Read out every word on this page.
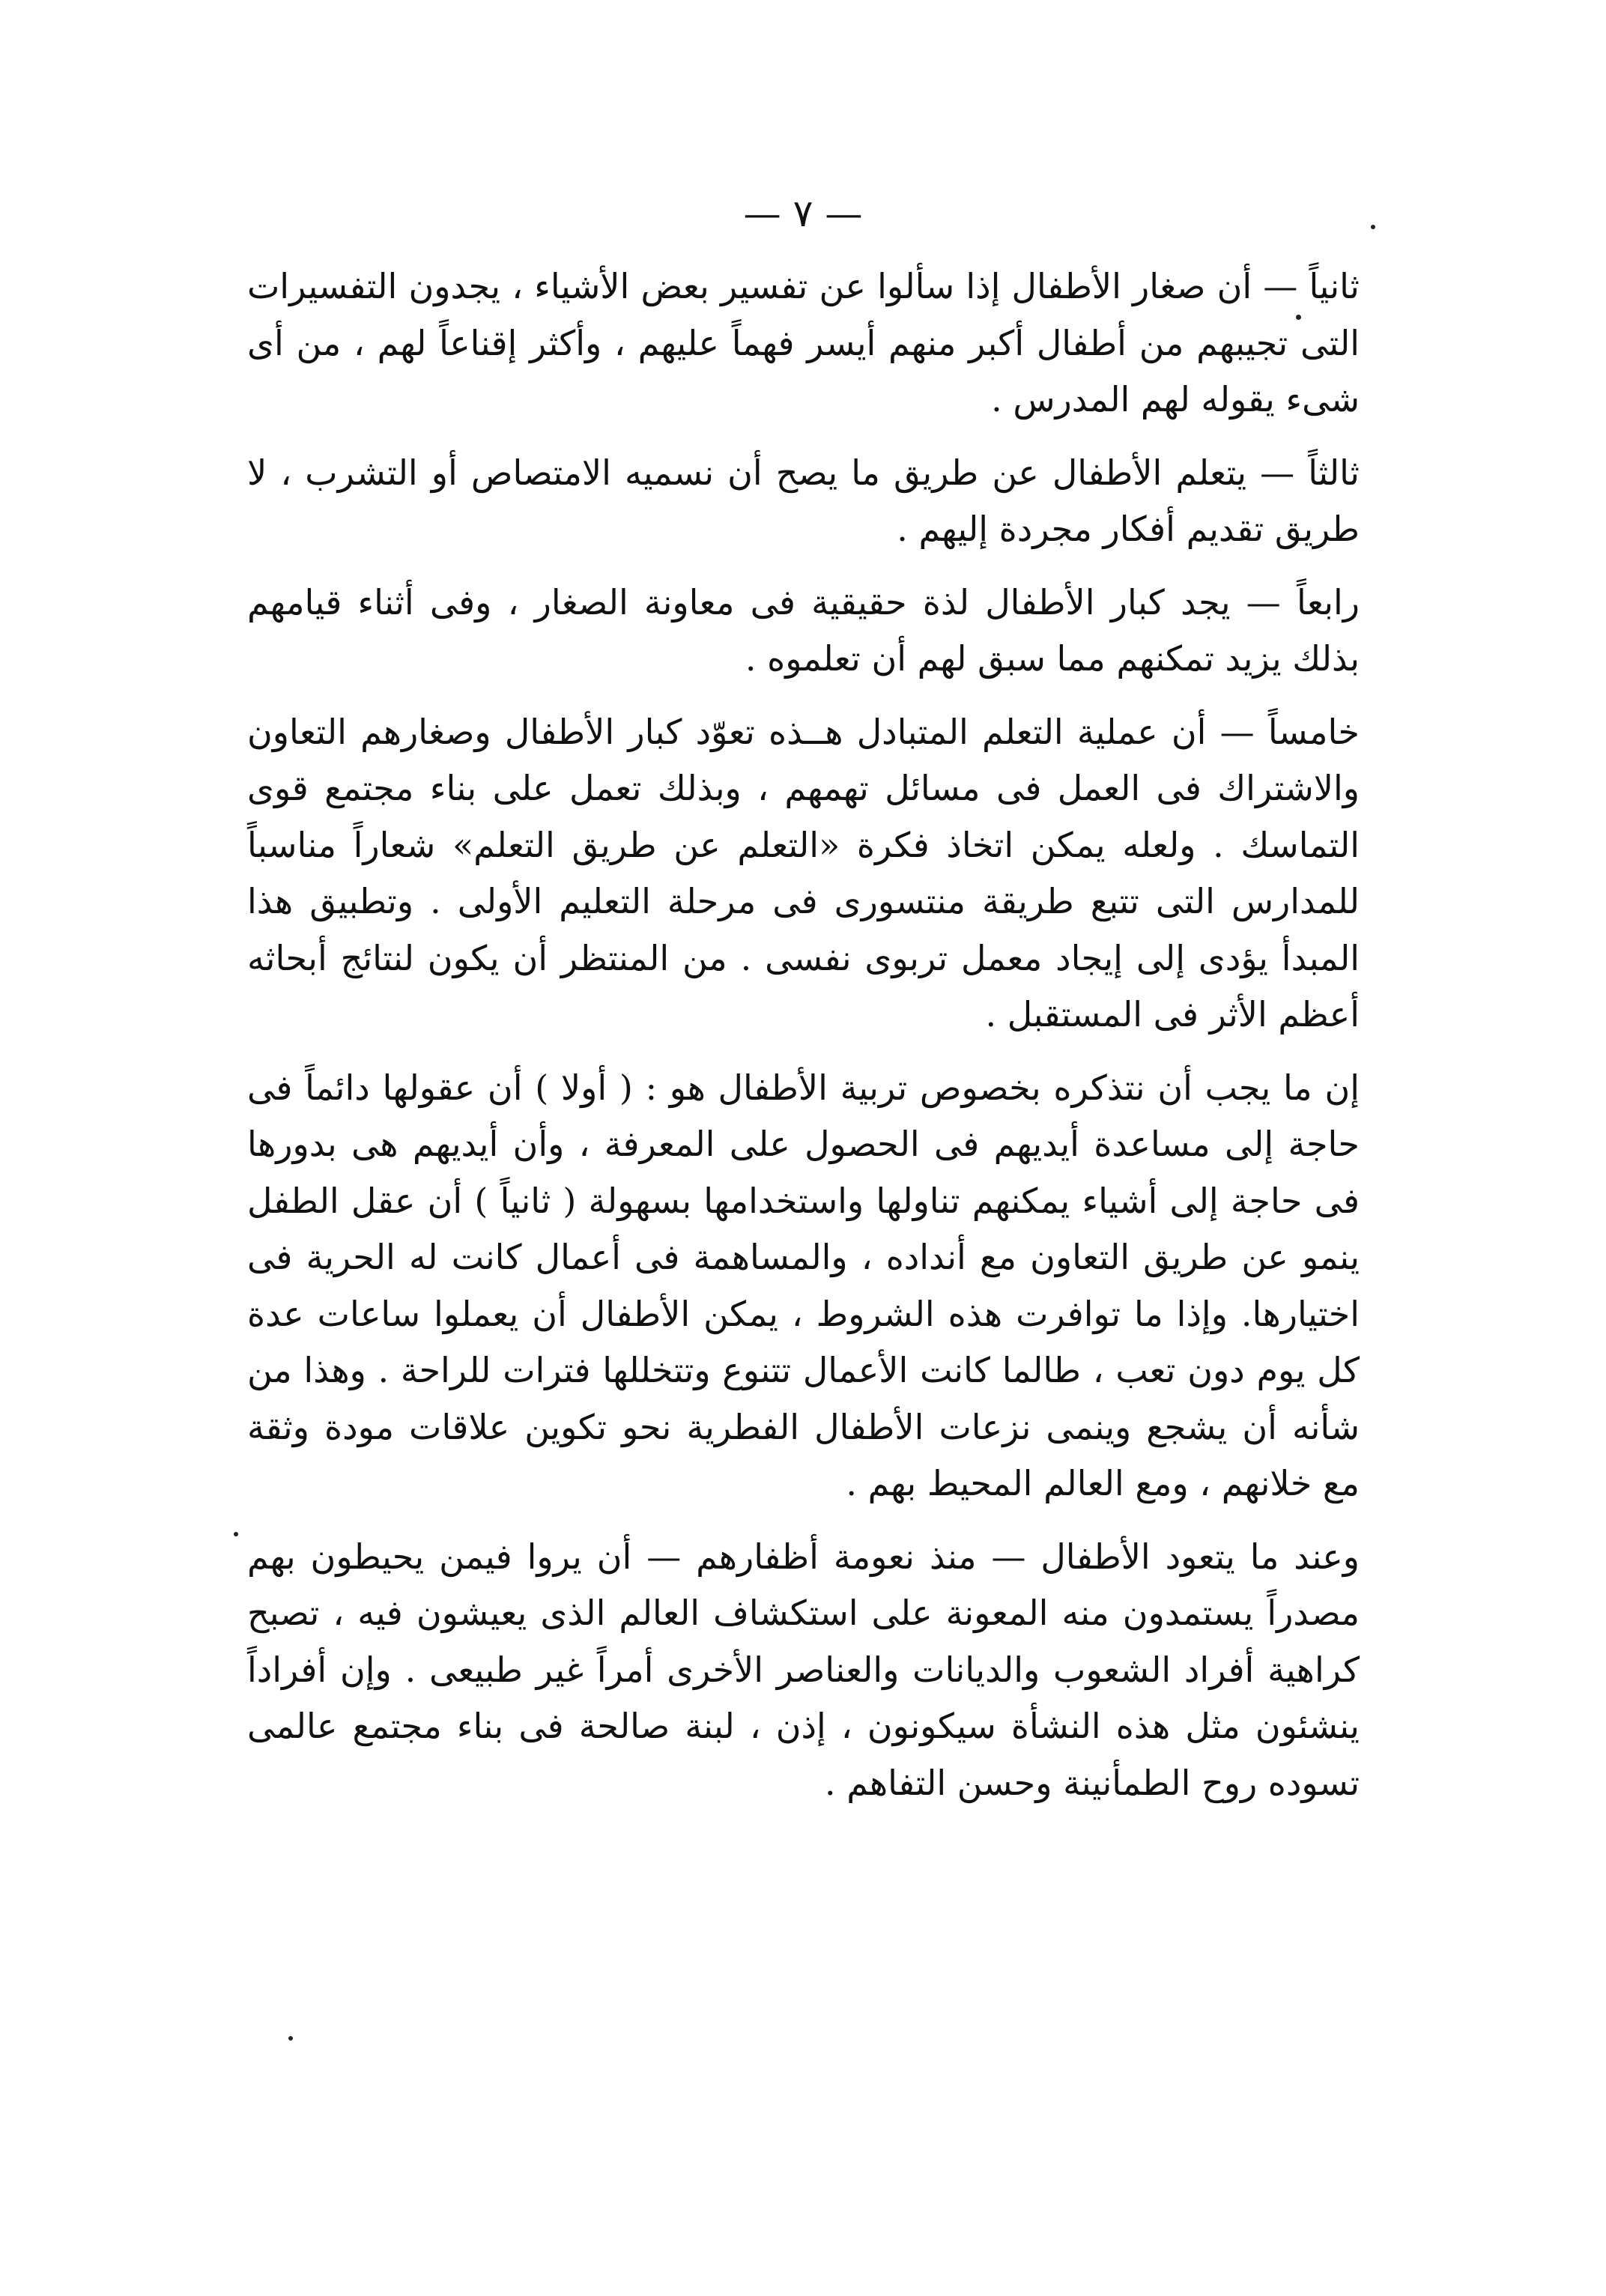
— ٧ —

ثانياً — أن صغار الأطفال إذا سألوا عن تفسير بعض الأشياء ، يجدون التفسيرات التى تجيبهم من أطفال أكبر منهم أيسر فهماً عليهم ، وأكثر إقناعاً لهم ، من أى شىء يقوله لهم المدرس .

ثالثاً — يتعلم الأطفال عن طريق ما يصح أن نسميه الامتصاص أو التشرب ، لا طريق تقديم أفكار مجردة إليهم .

رابعاً — يجد كبار الأطفال لذة حقيقية فى معاونة الصغار ، وفى أثناء قيامهم بذلك يزيد تمكنهم مما سبق لهم أن تعلموه .

خامساً — أن عملية التعلم المتبادل هــذه تعوّد كبار الأطفال وصغارهم التعاون والاشتراك فى العمل فى مسائل تهمهم ، وبذلك تعمل على بناء مجتمع قوى التماسك . ولعله يمكن اتخاذ فكرة «التعلم عن طريق التعلم» شعاراً مناسباً للمدارس التى تتبع طريقة منتسورى فى مرحلة التعليم الأولى . وتطبيق هذا المبدأ يؤدى إلى إيجاد معمل تربوى نفسى . من المنتظر أن يكون لنتائج أبحاثه أعظم الأثر فى المستقبل .

إن ما يجب أن نتذكره بخصوص تربية الأطفال هو : ( أولا ) أن عقولها دائماً فى حاجة إلى مساعدة أيديهم فى الحصول على المعرفة ، وأن أيديهم هى بدورها فى حاجة إلى أشياء يمكنهم تناولها واستخدامها بسهولة ( ثانياً ) أن عقل الطفل ينمو عن طريق التعاون مع أنداده ، والمساهمة فى أعمال كانت له الحرية فى اختيارها. وإذا ما توافرت هذه الشروط ، يمكن الأطفال أن يعملوا ساعات عدة كل يوم دون تعب ، طالما كانت الأعمال تتنوع وتتخللها فترات للراحة . وهذا من شأنه أن يشجع وينمى نزعات الأطفال الفطرية نحو تكوين علاقات مودة وثقة مع خلانهم ، ومع العالم المحيط بهم .

وعند ما يتعود الأطفال — منذ نعومة أظفارهم — أن يروا فيمن يحيطون بهم مصدراً يستمدون منه المعونة على استكشاف العالم الذى يعيشون فيه ، تصبح كراهية أفراد الشعوب والديانات والعناصر الأخرى أمراً غير طبيعى . وإن أفراداً ينشئون مثل هذه النشأة سيكونون ، إذن ، لبنة صالحة فى بناء مجتمع عالمى تسوده روح الطمأنينة وحسن التفاهم .
